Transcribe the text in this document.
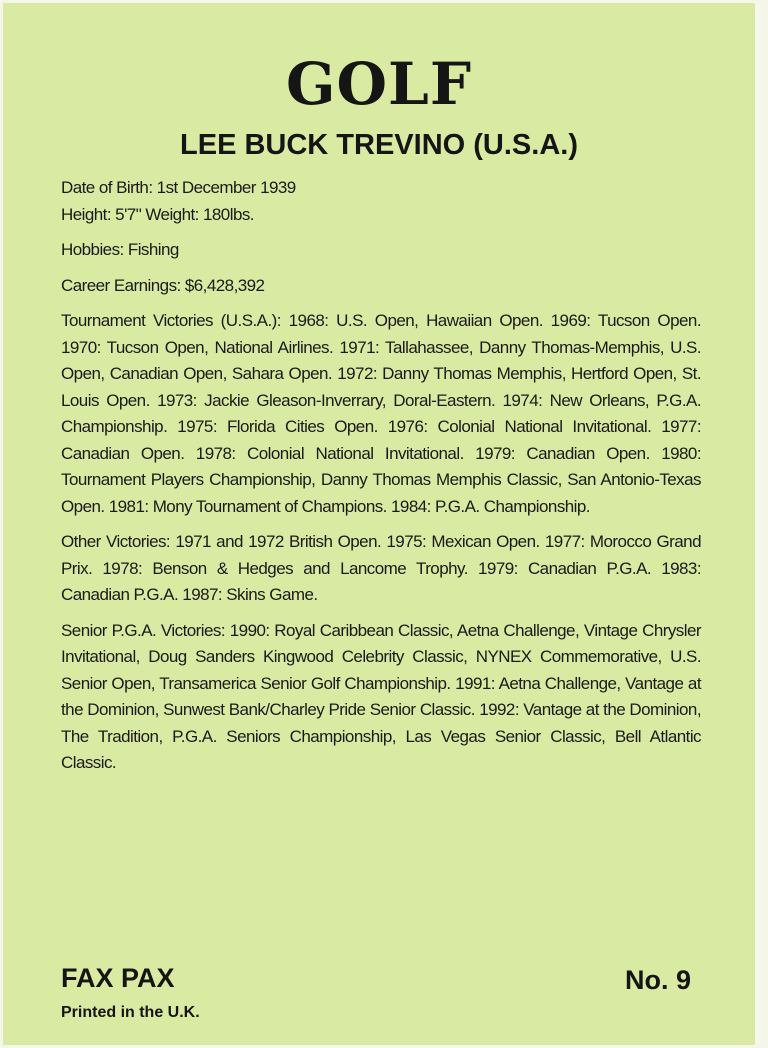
GOLF
LEE BUCK TREVINO (U.S.A.)

Date of Birth: 1st December 1939

Height: 5'7" Weight: 180lbs.

Hobbies: Fishing

Career Earnings: $6,428,392

Tournament Victories (U.S.A.): 1968: U.S. Open, Hawaiian Open. 1969: Tucson Open. 1970: Tucson Open, National Airlines. 1971: Tallahassee, Danny Thomas-Memphis, U.S. Open, Canadian Open, Sahara Open. 1972: Danny Thomas Memphis, Hertford Open, St. Louis Open. 1973: Jackie Gleason-Inverrary, Doral-Eastern. 1974: New Orleans, P.G.A. Championship. 1975: Florida Cities Open. 1976: Colonial National Invitational. 1977: Canadian Open. 1978: Colonial National Invitational. 1979: Canadian Open. 1980: Tournament Players Championship, Danny Thomas Memphis Classic, San Antonio-Texas Open. 1981: Mony Tournament of Champions. 1984: P.G.A. Championship.

Other Victories: 1971 and 1972 British Open. 1975: Mexican Open. 1977: Morocco Grand Prix. 1978: Benson & Hedges and Lancome Trophy. 1979: Canadian P.G.A. 1983: Canadian P.G.A. 1987: Skins Game.

Senior P.G.A. Victories: 1990: Royal Caribbean Classic, Aetna Challenge, Vintage Chrysler Invitational, Doug Sanders Kingwood Celebrity Classic, NYNEX Commemorative, U.S. Senior Open, Transamerica Senior Golf Championship. 1991: Aetna Challenge, Vantage at the Dominion, Sunwest Bank/Charley Pride Senior Classic. 1992: Vantage at the Dominion, The Tradition, P.G.A. Seniors Championship, Las Vegas Senior Classic, Bell Atlantic Classic.

FAX PAX
Printed in the U.K.
No. 9
